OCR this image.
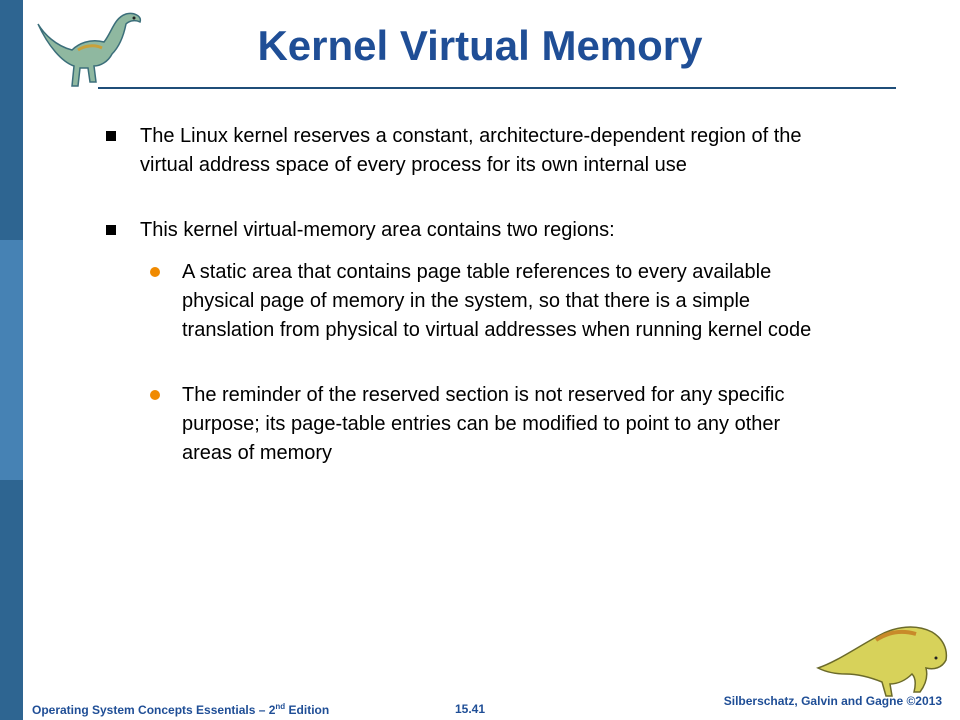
Kernel Virtual Memory
The Linux kernel reserves a constant, architecture-dependent region of the virtual address space of every process for its own internal use
This kernel virtual-memory area contains two regions:
A static area that contains page table references to every available physical page of memory in the system, so that there is a simple translation from physical to virtual addresses when running kernel code
The reminder of the reserved section is not reserved for any specific purpose; its page-table entries can be modified to point to any other areas of memory
Operating System Concepts Essentials – 2nd Edition	15.41
Silberschatz, Galvin and Gagne ©2013
